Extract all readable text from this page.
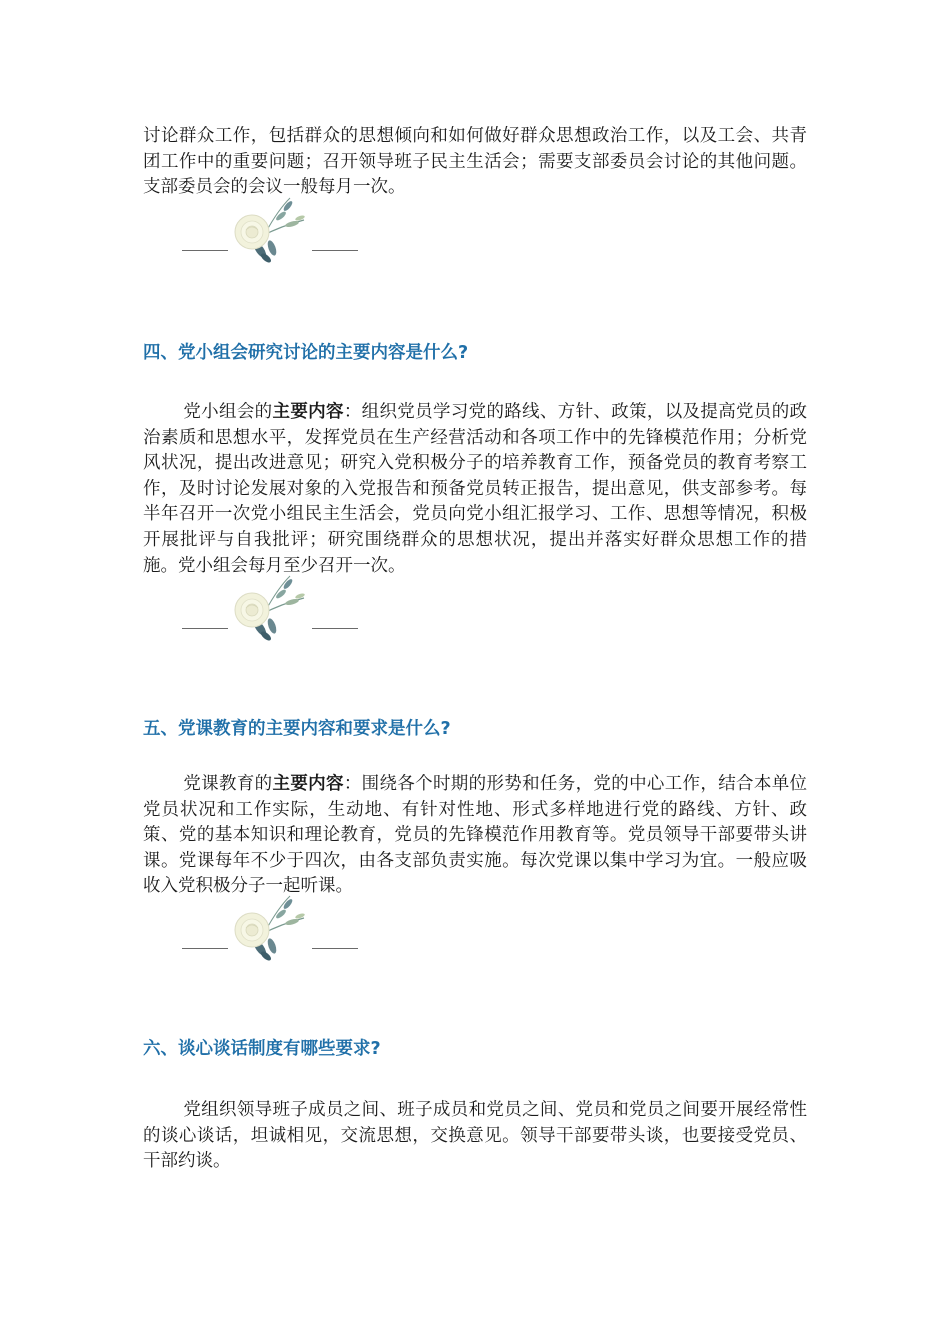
讨论群众工作，包括群众的思想倾向和如何做好群众思想政治工作，以及工会、共青团工作中的重要问题；召开领导班子民主生活会；需要支部委员会讨论的其他问题。支部委员会的会议一般每月一次。

四、党小组会研究讨论的主要内容是什么?

党小组会的主要内容：组织党员学习党的路线、方针、政策，以及提高党员的政治素质和思想水平，发挥党员在生产经营活动和各项工作中的先锋模范作用；分析党风状况，提出改进意见；研究入党积极分子的培养教育工作，预备党员的教育考察工作，及时讨论发展对象的入党报告和预备党员转正报告，提出意见，供支部参考。每半年召开一次党小组民主生活会，党员向党小组汇报学习、工作、思想等情况，积极开展批评与自我批评；研究围绕群众的思想状况，提出并落实好群众思想工作的措施。党小组会每月至少召开一次。

五、党课教育的主要内容和要求是什么?

党课教育的主要内容：围绕各个时期的形势和任务，党的中心工作，结合本单位党员状况和工作实际，生动地、有针对性地、形式多样地进行党的路线、方针、政策、党的基本知识和理论教育，党员的先锋模范作用教育等。党员领导干部要带头讲课。党课每年不少于四次，由各支部负责实施。每次党课以集中学习为宜。一般应吸收入党积极分子一起听课。

六、谈心谈话制度有哪些要求?

党组织领导班子成员之间、班子成员和党员之间、党员和党员之间要开展经常性的谈心谈话，坦诚相见，交流思想，交换意见。领导干部要带头谈，也要接受党员、干部约谈。
